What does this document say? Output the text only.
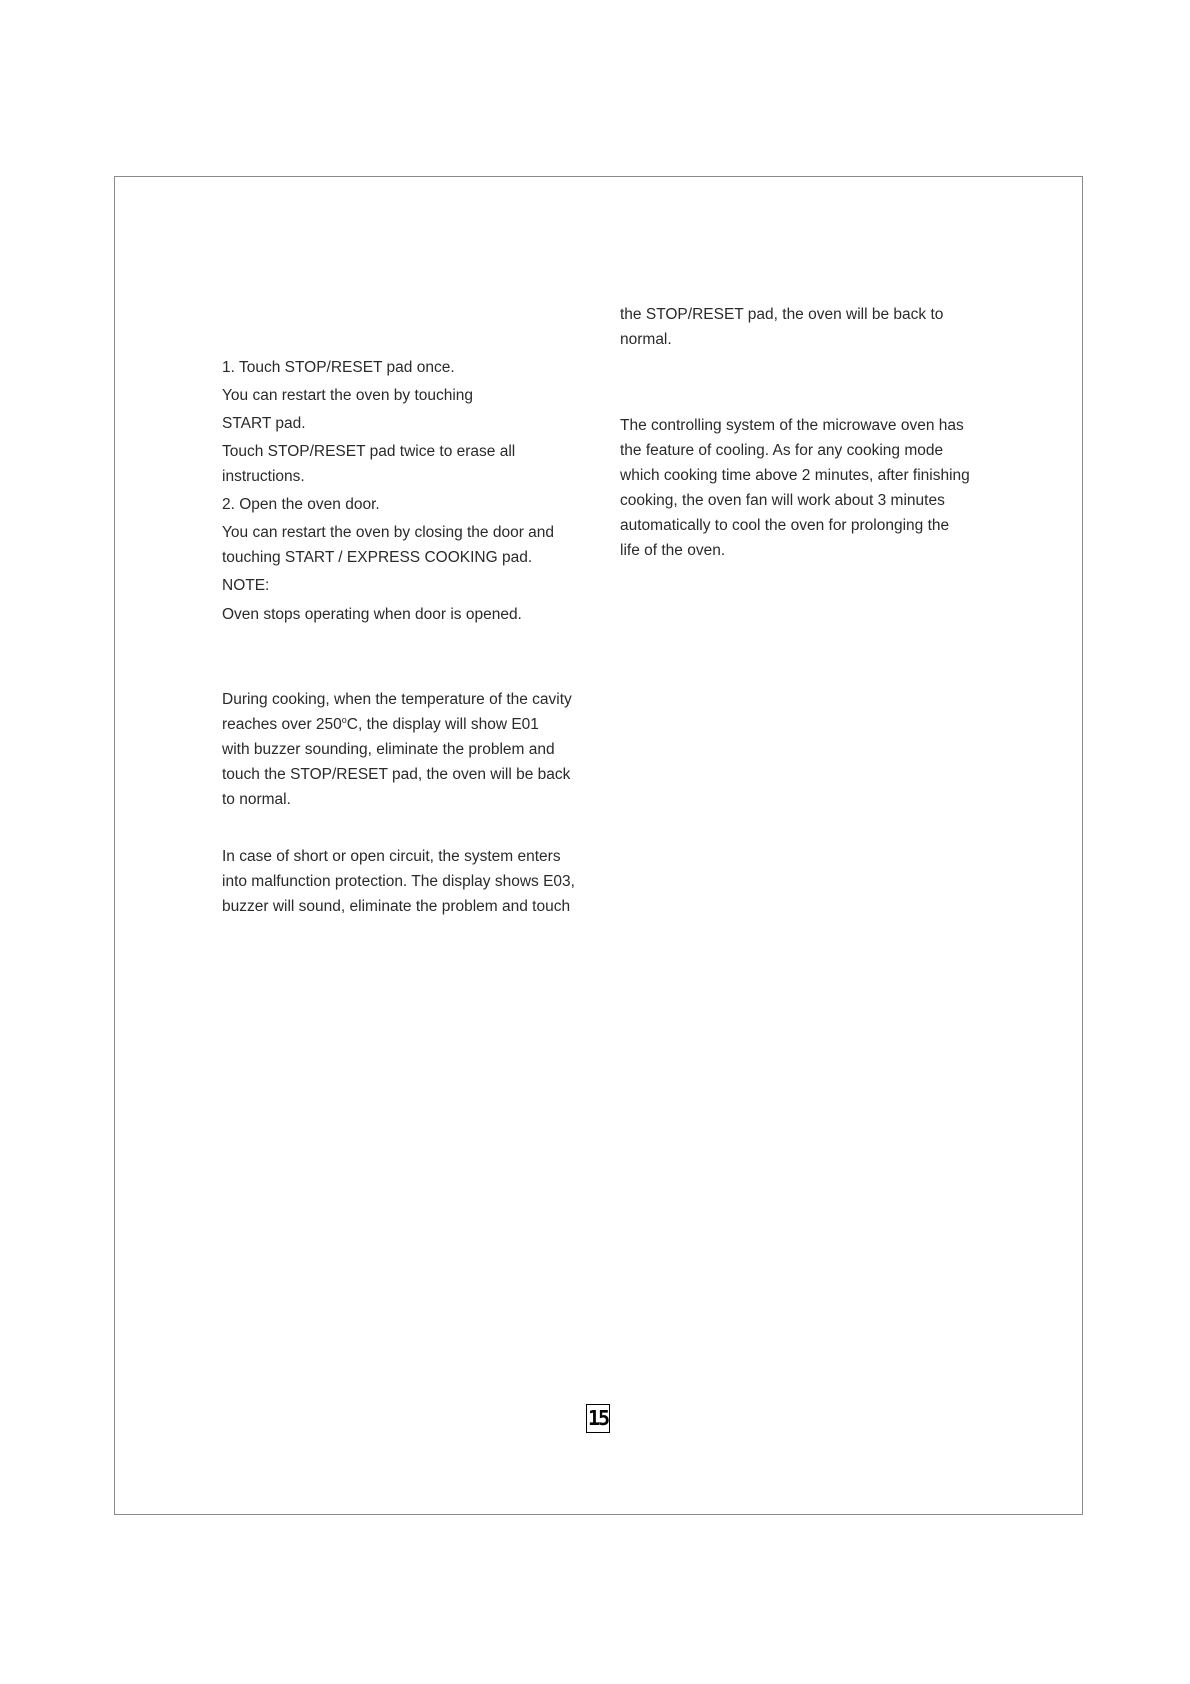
1. Touch STOP/RESET pad once.
You can restart the oven by touching
START pad.
Touch STOP/RESET pad twice to erase all
instructions.
2. Open the oven door.
You can restart the oven by closing the door and
touching START / EXPRESS COOKING pad.
NOTE:
Oven stops operating when door is opened.
During cooking, when the temperature of the cavity
reaches over 250$^o$C, the display will show E01
with buzzer sounding, eliminate the problem and
touch the STOP/RESET pad, the oven will be back
to normal.
In case of short or open circuit, the system enters
into malfunction protection. The display shows E03,
buzzer will sound, eliminate the problem and touch
the STOP/RESET pad, the oven will be back to
normal.
The controlling system of the microwave oven has
the feature of cooling. As for any cooking mode
which cooking time above 2 minutes, after finishing
cooking, the oven fan will work about 3 minutes
automatically to cool the oven for prolonging the
life of the oven.
15
